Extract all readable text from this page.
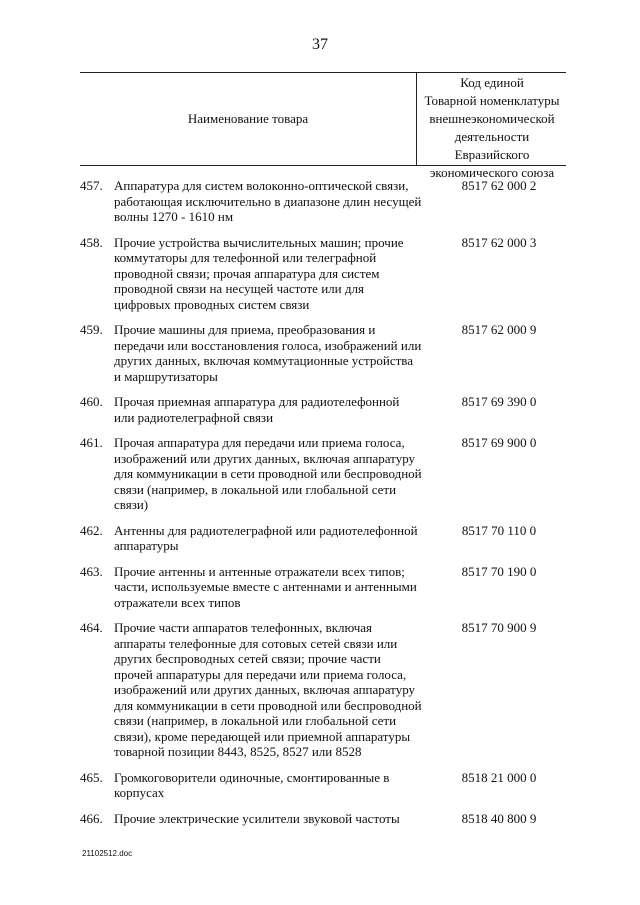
37
Наименование товара
Код единой
Товарной номенклатуры
внешнеэкономической
деятельности
Евразийского
экономического союза
457. Аппаратура для систем волоконно-оптической связи,
работающая исключительно в диапазоне длин несущей
волны 1270 - 1610 нм
8517 62 000 2
458. Прочие устройства вычислительных машин; прочие
коммутаторы для телефонной или телеграфной
проводной связи; прочая аппаратура для систем
проводной связи на несущей частоте или для
цифровых проводных систем связи
8517 62 000 3
459. Прочие машины для приема, преобразования и
передачи или восстановления голоса, изображений или
других данных, включая коммутационные устройства
и маршрутизаторы
8517 62 000 9
460. Прочая приемная аппаратура для радиотелефонной
или радиотелеграфной связи
8517 69 390 0
461. Прочая аппаратура для передачи или приема голоса,
изображений или других данных, включая аппаратуру
для коммуникации в сети проводной или беспроводной
связи (например, в локальной или глобальной сети
связи)
8517 69 900 0
462. Антенны для радиотелеграфной или радиотелефонной
аппаратуры
8517 70 110 0
463. Прочие антенны и антенные отражатели всех типов;
части, используемые вместе с антеннами и антенными
отражатели всех типов
8517 70 190 0
464. Прочие части аппаратов телефонных, включая
аппараты телефонные для сотовых сетей связи или
других беспроводных сетей связи; прочие части
прочей аппаратуры для передачи или приема голоса,
изображений или других данных, включая аппаратуру
для коммуникации в сети проводной или беспроводной
связи (например, в локальной или глобальной сети
связи), кроме передающей или приемной аппаратуры
товарной позиции 8443, 8525, 8527 или 8528
8517 70 900 9
465. Громкоговорители одиночные, смонтированные в
корпусах
8518 21 000 0
466. Прочие электрические усилители звуковой частоты	8518 40 800 9
21102512.doc
